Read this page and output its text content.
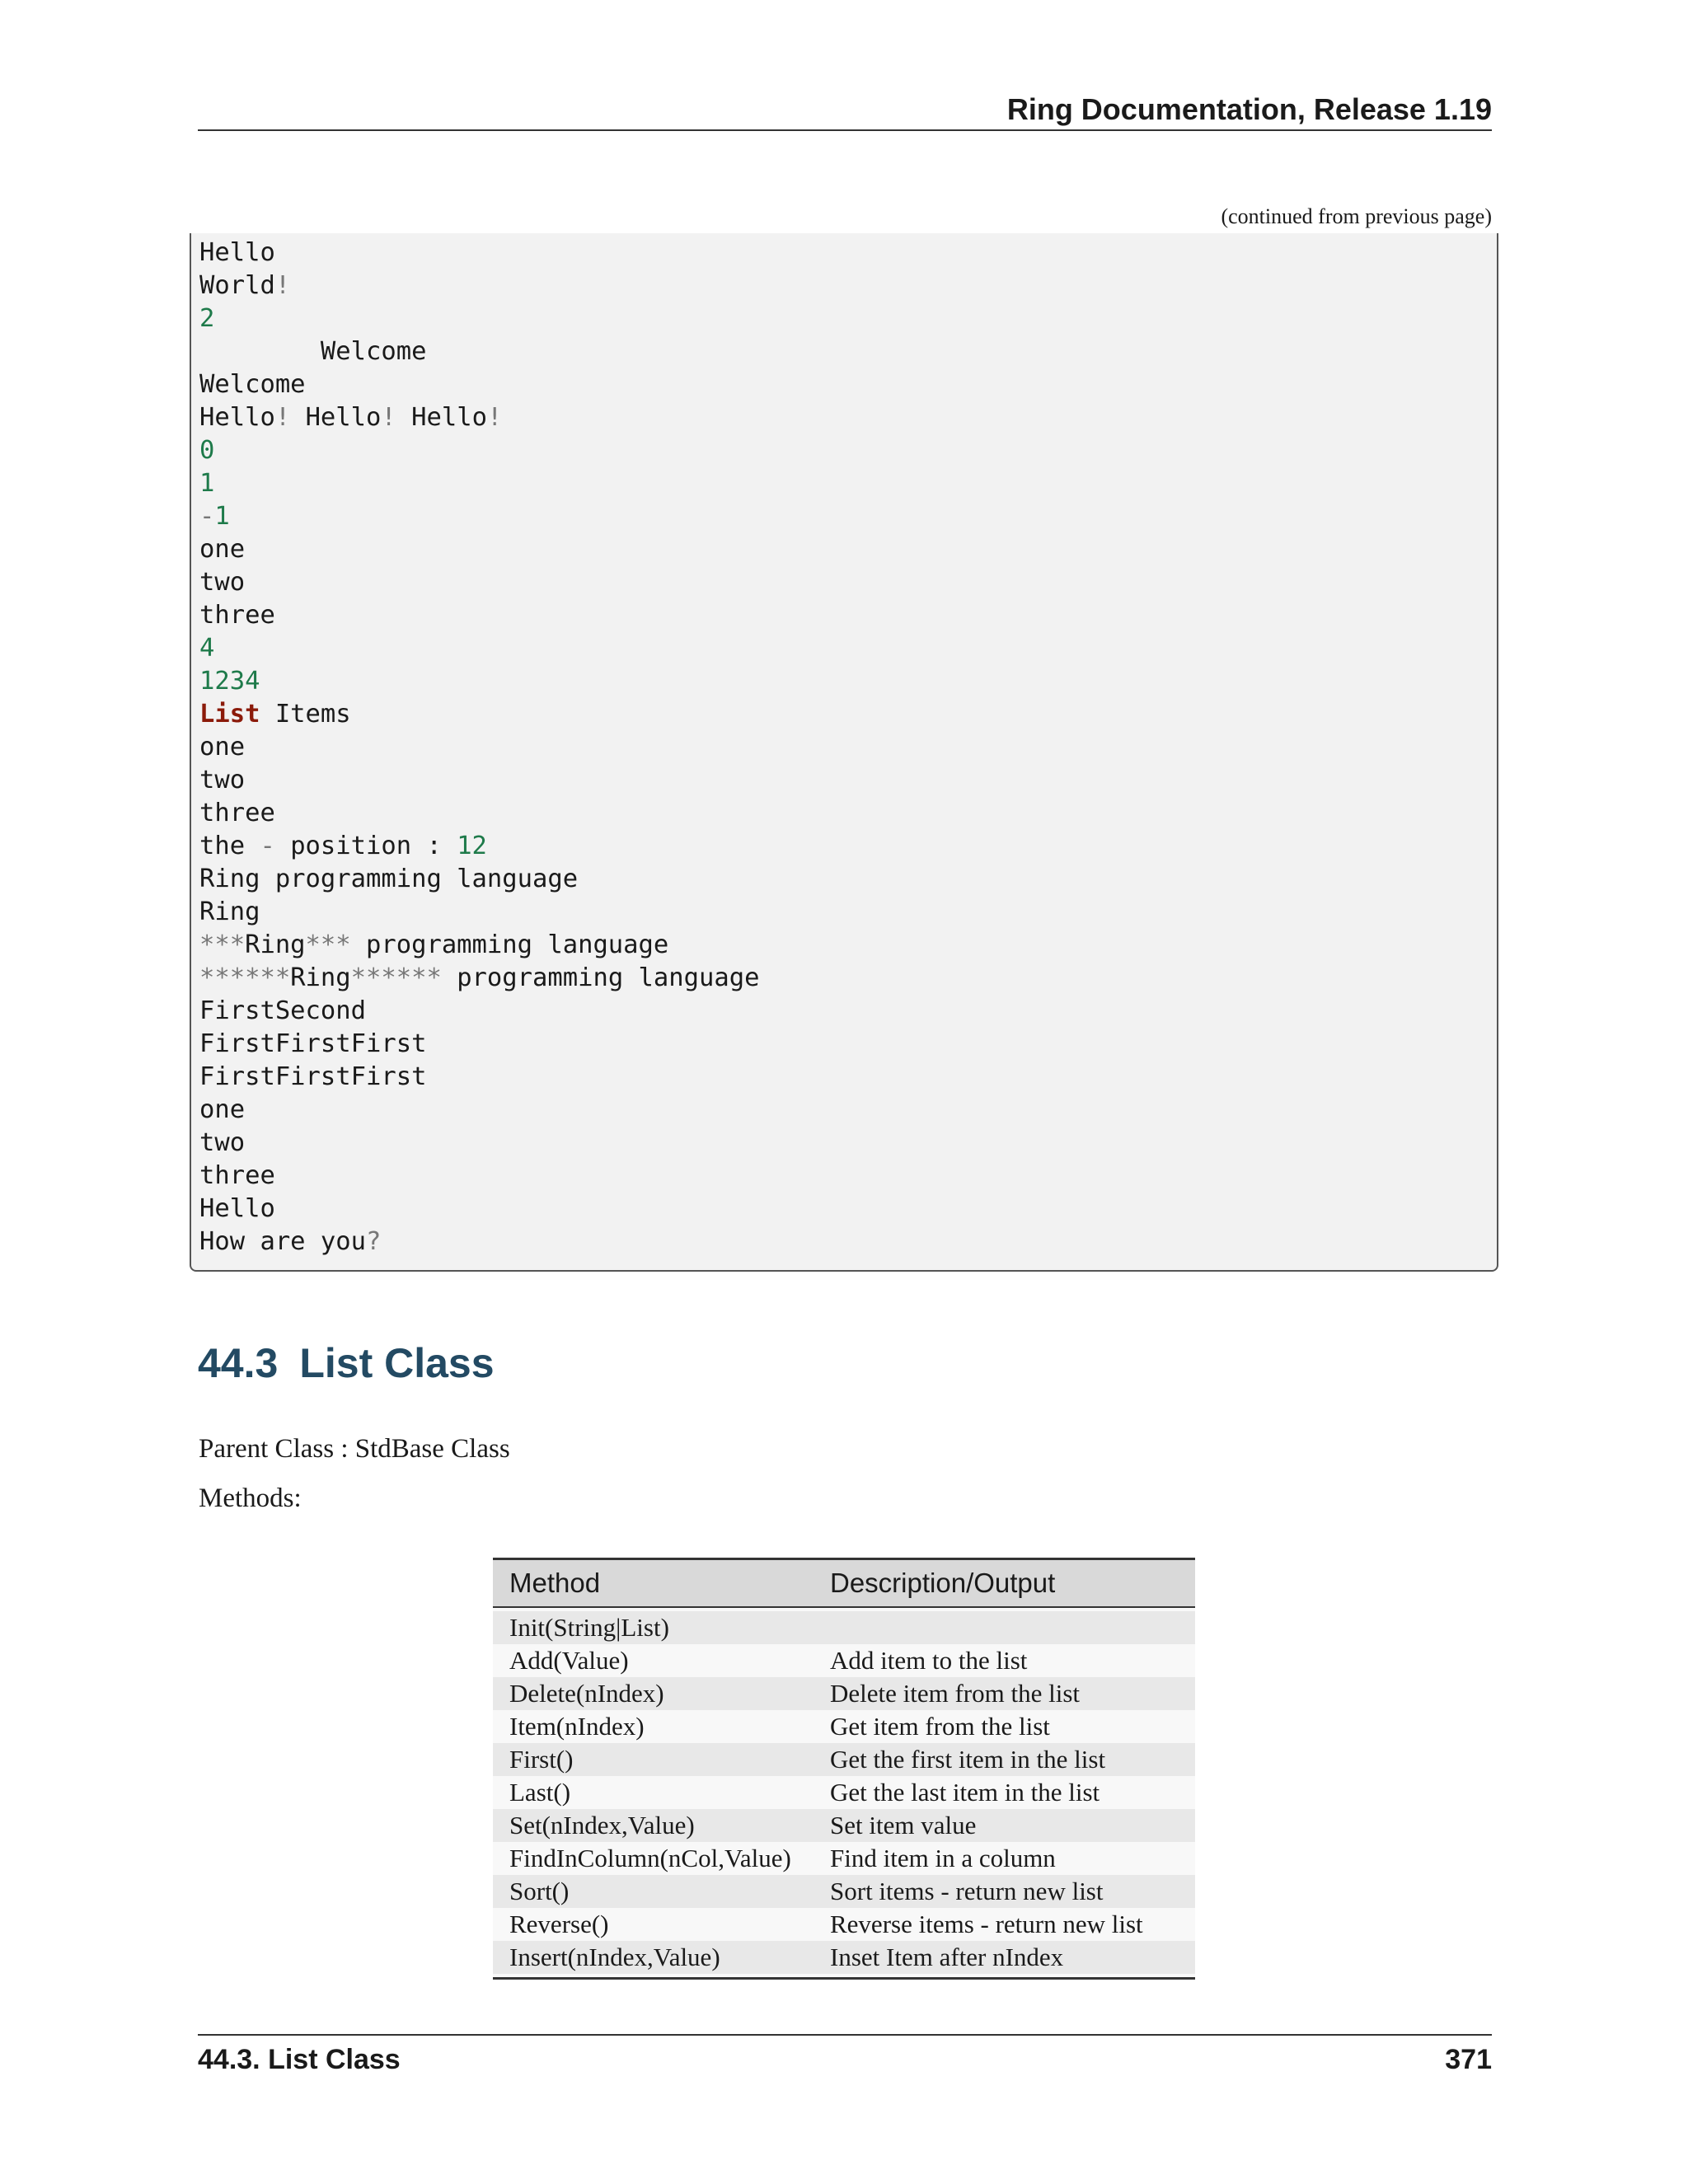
Ring Documentation, Release 1.19
(continued from previous page)
Hello
World!
2
Welcome
Welcome
Hello! Hello! Hello!
0
1
-1
one
two
three
4
1234
List Items
one
two
three
the - position : 12
Ring programming language
Ring
***Ring*** programming language
******Ring****** programming language
FirstSecond
FirstFirstFirst
FirstFirstFirst
one
two
three
Hello
How are you?
44.3 List Class
Parent Class : StdBase Class
Methods:
Method	Description/Output
Init(String|List)
Add(Value)	Add item to the list
Delete(nIndex)	Delete item from the list
Item(nIndex)	Get item from the list
First()	Get the first item in the list
Last()	Get the last item in the list
Set(nIndex,Value)	Set item value
FindInColumn(nCol,Value)	Find item in a column
Sort()	Sort items - return new list
Reverse()	Reverse items - return new list
Insert(nIndex,Value)	Inset Item after nIndex
44.3. List Class	371
